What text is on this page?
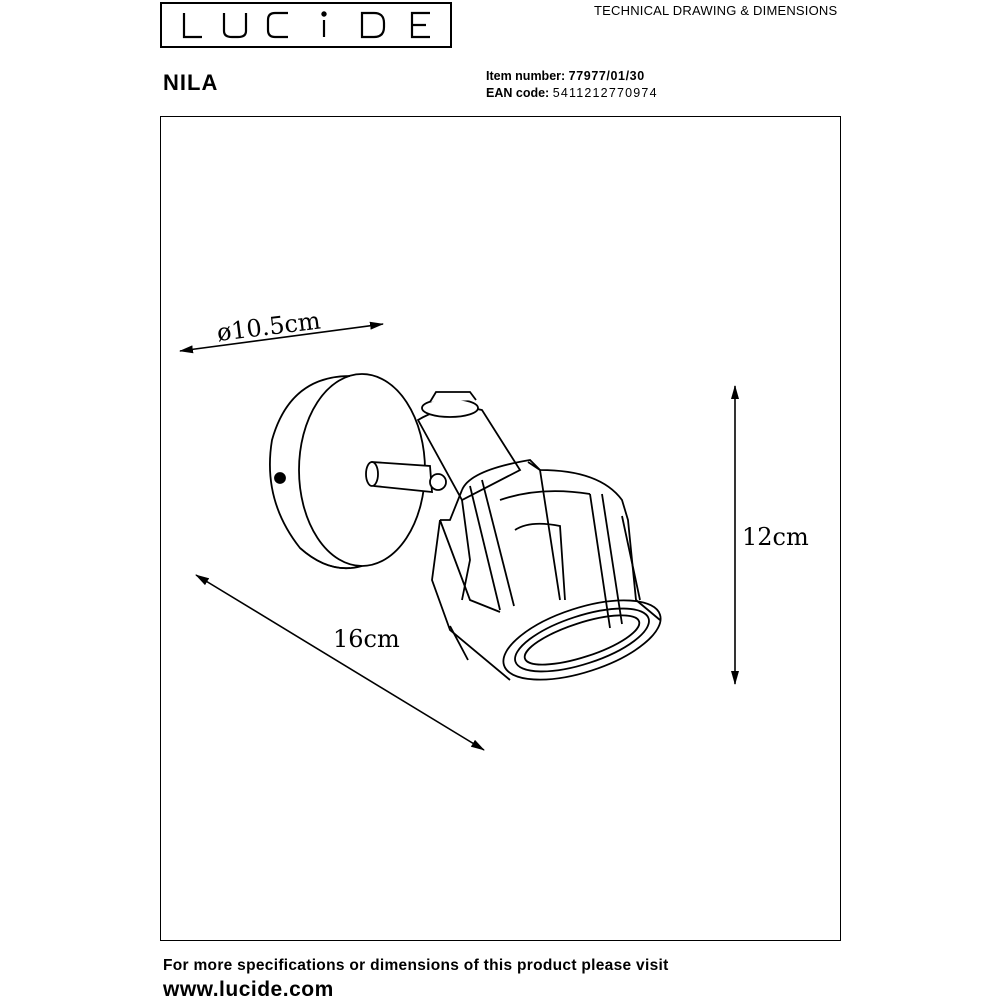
TECHNICAL DRAWING & DIMENSIONS
NILA	Item number: 77977/01/30
EAN code: 5411212770974
ø10.5cm
12cm
16cm
For more specifications or dimensions of this product please visit
www.lucide.com
